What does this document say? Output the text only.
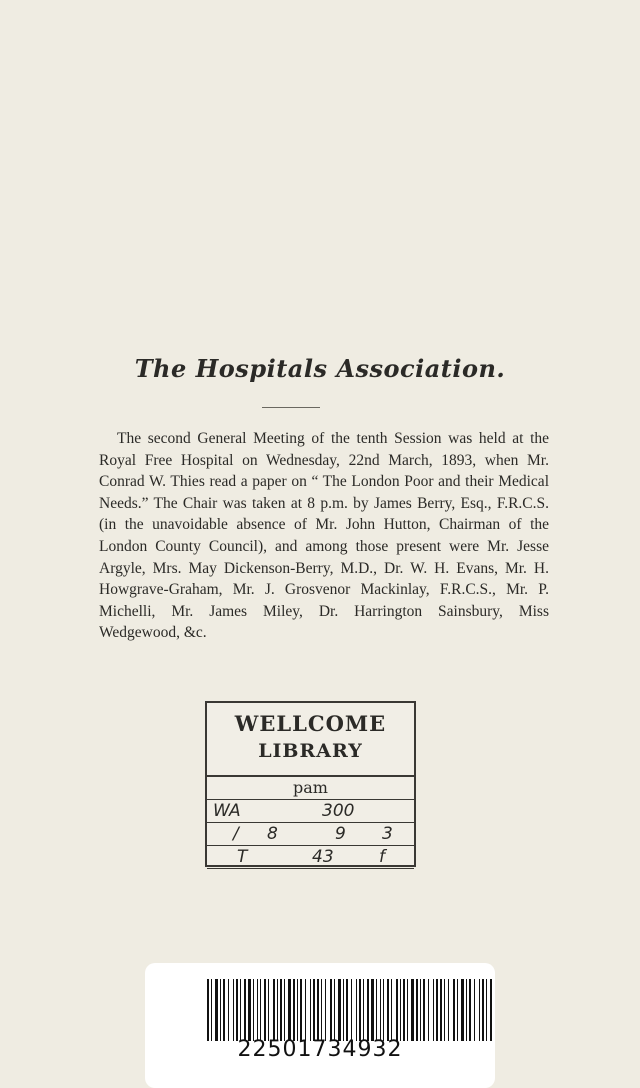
The Hospitals Association.
The second General Meeting of the tenth Session was held at the Royal Free Hospital on Wednesday, 22nd March, 1893, when Mr. Conrad W. Thies read a paper on “ The London Poor and their Medical Needs.” The Chair was taken at 8 p.m. by James Berry, Esq., F.R.C.S. (in the unavoidable absence of Mr. John Hutton, Chairman of the London County Council), and among those present were Mr. Jesse Argyle, Mrs. May Dickenson-Berry, M.D., Dr. W. H. Evans, Mr. H. Howgrave-Graham, Mr. J. Grosvenor Mackinlay, F.R.C.S., Mr. P. Michelli, Mr. James Miley, Dr. Harrington Sainsbury, Miss Wedgewood, &c.
WELLCOME
LIBRARY
pam
WA	300
/ 8	9 3
T	43	f
22501734932
